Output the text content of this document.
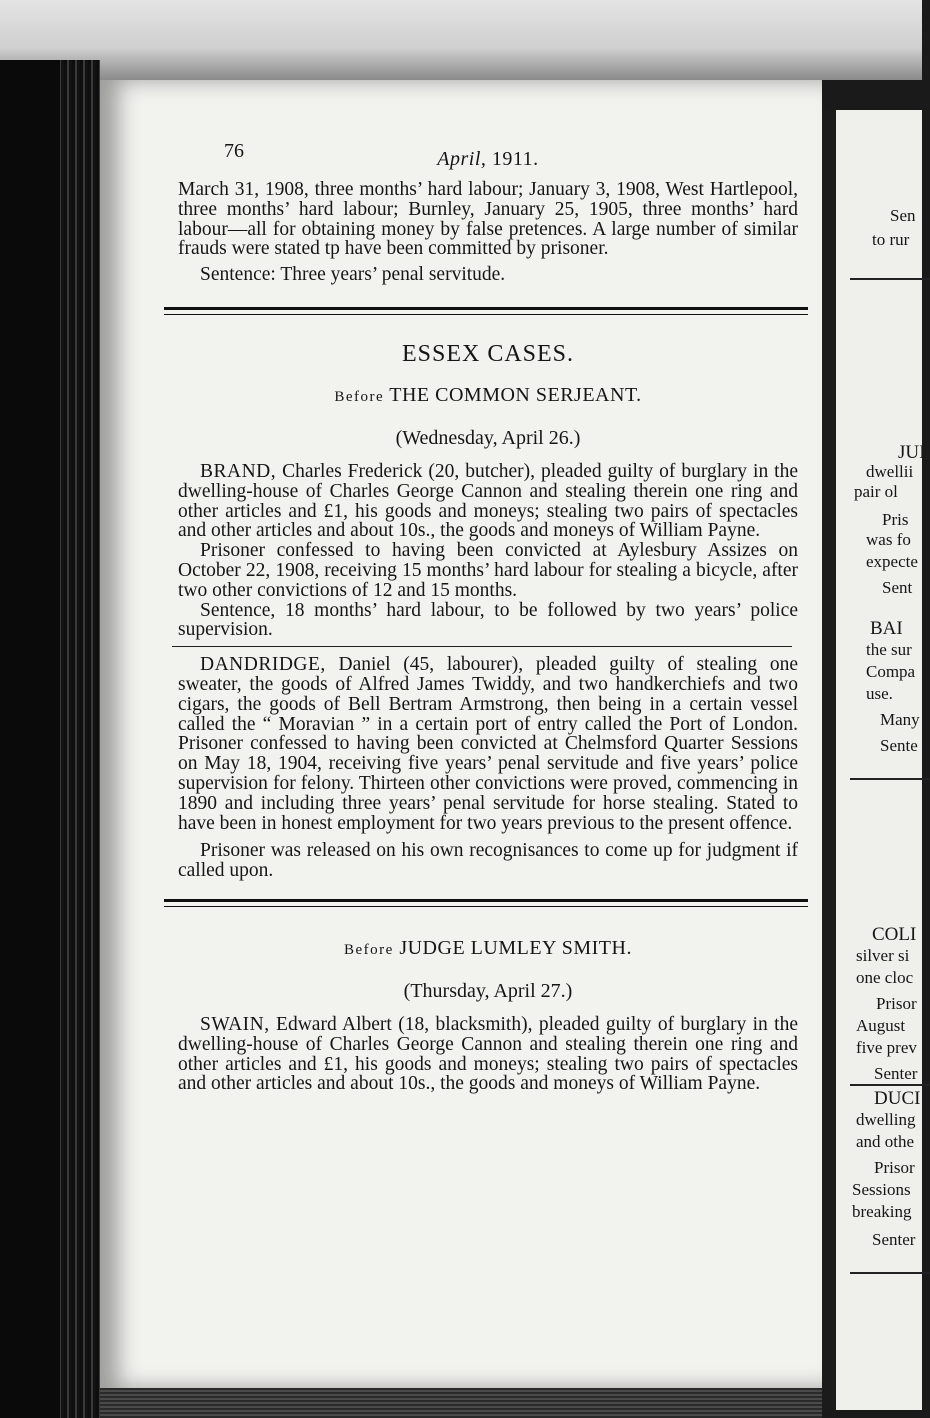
76	April, 1911.

March 31, 1908, three months’ hard labour; January 3, 1908, West Hartlepool, three months’ hard labour; Burnley, January 25, 1905, three months’ hard labour—all for obtaining money by false pretences. A large number of similar frauds were stated tp have been committed by prisoner.

Sentence: Three years’ penal servitude.

ESSEX CASES.
Before THE COMMON SERJEANT.
(Wednesday, April 26.)

BRAND, Charles Frederick (20, butcher), pleaded guilty of burglary in the dwelling-house of Charles George Cannon and stealing therein one ring and other articles and £1, his goods and moneys; stealing two pairs of spectacles and other articles and about 10s., the goods and moneys of William Payne.

Prisoner confessed to having been convicted at Aylesbury Assizes on October 22, 1908, receiving 15 months’ hard labour for stealing a bicycle, after two other convictions of 12 and 15 months.

Sentence, 18 months’ hard labour, to be followed by two years’ police supervision.

DANDRIDGE, Daniel (45, labourer), pleaded guilty of stealing one sweater, the goods of Alfred James Twiddy, and two handkerchiefs and two cigars, the goods of Bell Bertram Armstrong, then being in a certain vessel called the “ Moravian ” in a certain port of entry called the Port of London. Prisoner confessed to having been convicted at Chelmsford Quarter Sessions on May 18, 1904, receiving five years’ penal servitude and five years’ police supervision for felony. Thirteen other convictions were proved, commencing in 1890 and including three years’ penal servitude for horse stealing. Stated to have been in honest employment for two years previous to the present offence.

Prisoner was released on his own recognisances to come up for judgment if called upon.

Before JUDGE LUMLEY SMITH.
(Thursday, April 27.)

SWAIN, Edward Albert (18, blacksmith), pleaded guilty of burglary in the dwelling-house of Charles George Cannon and stealing therein one ring and other articles and £1, his goods and moneys; stealing two pairs of spectacles and other articles and about 10s., the goods and moneys of William Payne.

Sen
to rur
JUI
dwellii
pair ol
Pris
was fo
expecte
Sent
BAI
the sur
Compa
use.
Many
Sente
COLI
silver si
one cloc
Prisor
August
five prev
Senter
DUCI
dwelling
and othe
Prisor
Sessions
breaking
Senter
